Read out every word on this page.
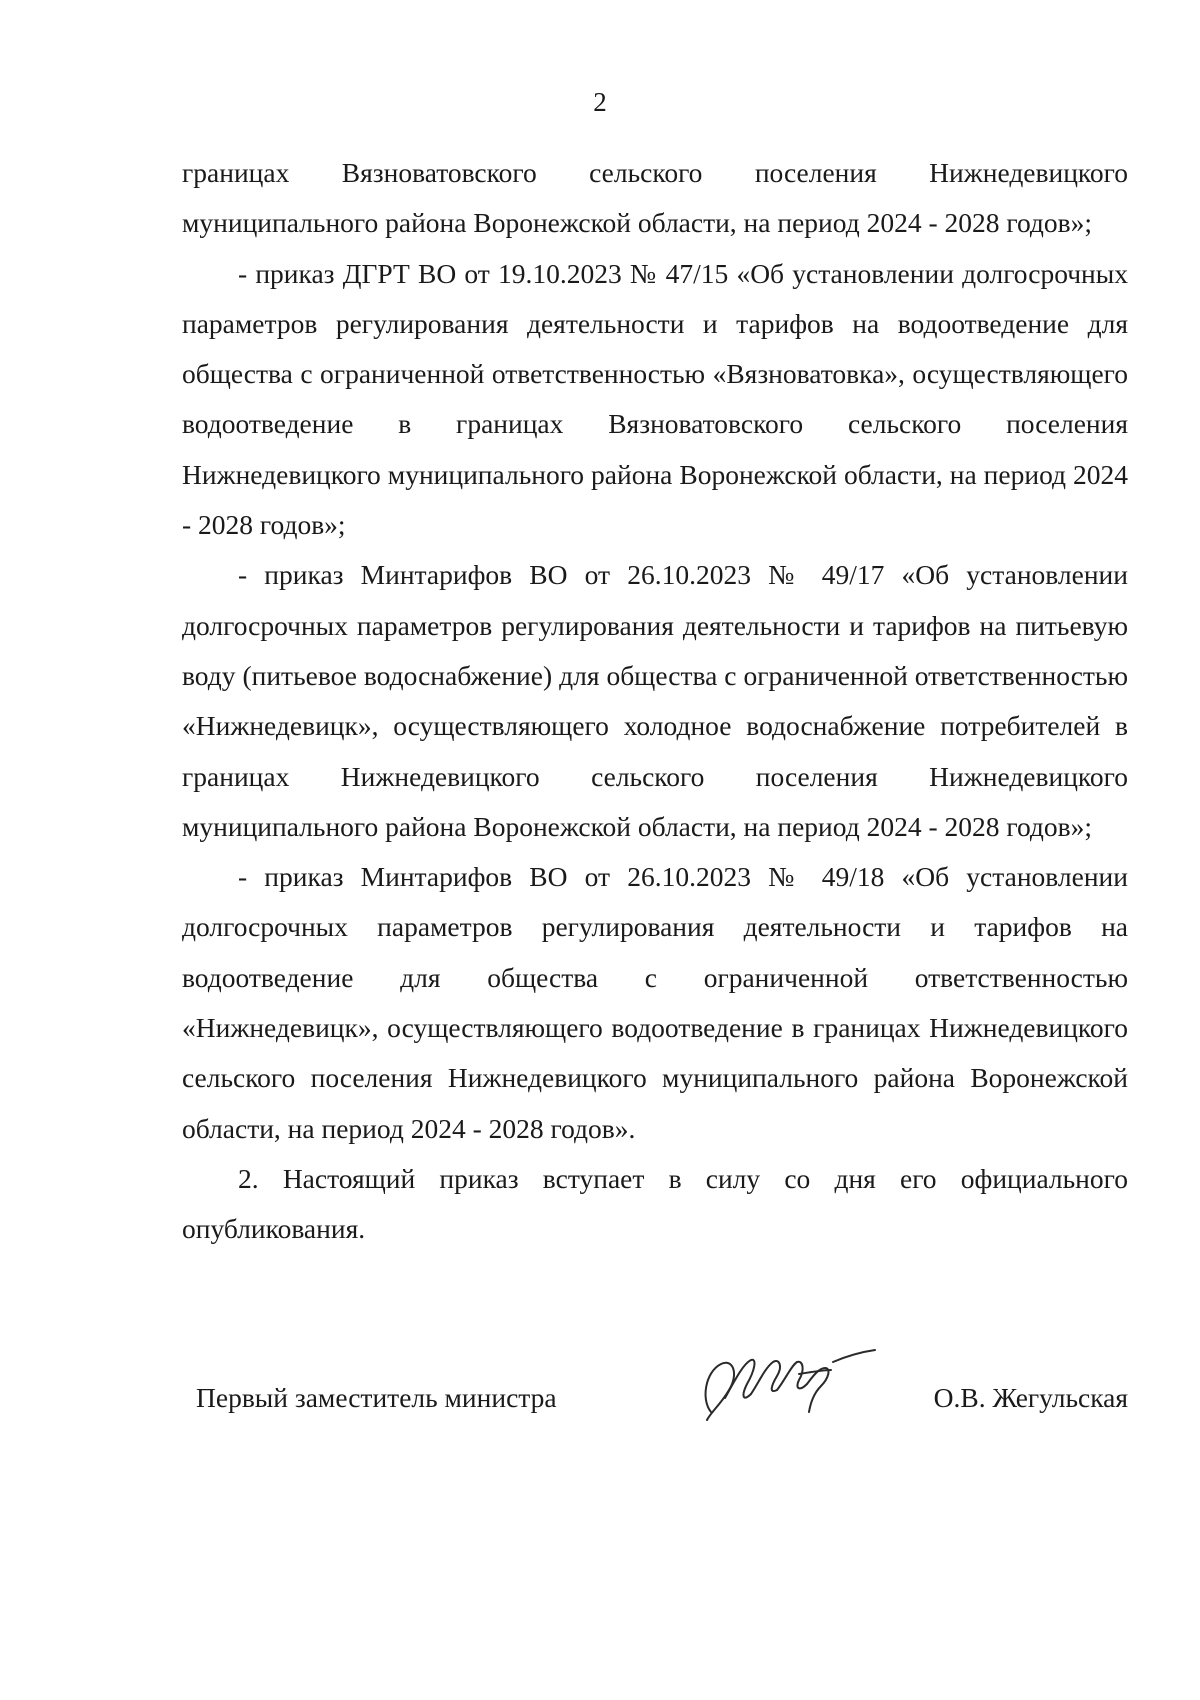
2

границах Вязноватовского сельского поселения Нижнедевицкого муниципального района Воронежской области, на период 2024 - 2028 годов»;

- приказ ДГРТ ВО от 19.10.2023 № 47/15 «Об установлении долгосрочных параметров регулирования деятельности и тарифов на водоотведение для общества с ограниченной ответственностью «Вязноватовка», осуществляющего водоотведение в границах Вязноватовского сельского поселения Нижнедевицкого муниципального района Воронежской области, на период 2024 - 2028 годов»;

- приказ Минтарифов ВО от 26.10.2023 № 49/17 «Об установлении долгосрочных параметров регулирования деятельности и тарифов на питьевую воду (питьевое водоснабжение) для общества с ограниченной ответственностью «Нижнедевицк», осуществляющего холодное водоснабжение потребителей в границах Нижнедевицкого сельского поселения Нижнедевицкого муниципального района Воронежской области, на период 2024 - 2028 годов»;

- приказ Минтарифов ВО от 26.10.2023 № 49/18 «Об установлении долгосрочных параметров регулирования деятельности и тарифов на водоотведение для общества с ограниченной ответственностью «Нижнедевицк», осуществляющего водоотведение в границах Нижнедевицкого сельского поселения Нижнедевицкого муниципального района Воронежской области, на период 2024 - 2028 годов».

2. Настоящий приказ вступает в силу со дня его официального опубликования.

Первый заместитель министра	О.В. Жегульская
